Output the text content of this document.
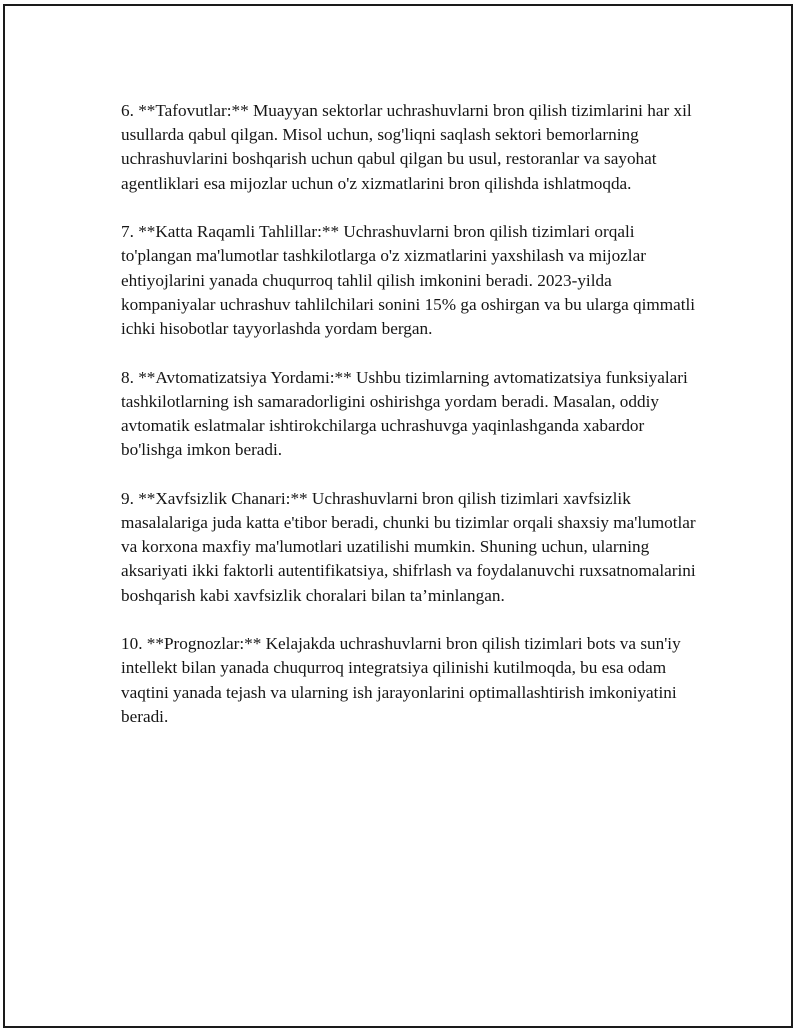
6. **Tafovutlar:** Muayyan sektorlar uchrashuvlarni bron qilish tizimlarini har xil usullarda qabul qilgan. Misol uchun, sog'liqni saqlash sektori bemorlarning uchrashuvlarini boshqarish uchun qabul qilgan bu usul, restoranlar va sayohat agentliklari esa mijozlar uchun o'z xizmatlarini bron qilishda ishlatmoqda.

7. **Katta Raqamli Tahlillar:** Uchrashuvlarni bron qilish tizimlari orqali to'plangan ma'lumotlar tashkilotlarga o'z xizmatlarini yaxshilash va mijozlar ehtiyojlarini yanada chuqurroq tahlil qilish imkonini beradi. 2023-yilda kompaniyalar uchrashuv tahlilchilari sonini 15% ga oshirgan va bu ularga qimmatli ichki hisobotlar tayyorlashda yordam bergan.

8. **Avtomatizatsiya Yordami:** Ushbu tizimlarning avtomatizatsiya funksiyalari tashkilotlarning ish samaradorligini oshirishga yordam beradi. Masalan, oddiy avtomatik eslatmalar ishtirokchilarga uchrashuvga yaqinlashganda xabardor bo'lishga imkon beradi.

9. **Xavfsizlik Chanari:** Uchrashuvlarni bron qilish tizimlari xavfsizlik masalalariga juda katta e'tibor beradi, chunki bu tizimlar orqali shaxsiy ma'lumotlar va korxona maxfiy ma'lumotlari uzatilishi mumkin. Shuning uchun, ularning aksariyati ikki faktorli autentifikatsiya, shifrlash va foydalanuvchi ruxsatnomalarini boshqarish kabi xavfsizlik choralari bilan ta’minlangan.

10. **Prognozlar:** Kelajakda uchrashuvlarni bron qilish tizimlari bots va sun'iy intellekt bilan yanada chuqurroq integratsiya qilinishi kutilmoqda, bu esa odam vaqtini yanada tejash va ularning ish jarayonlarini optimallashtirish imkoniyatini beradi.
